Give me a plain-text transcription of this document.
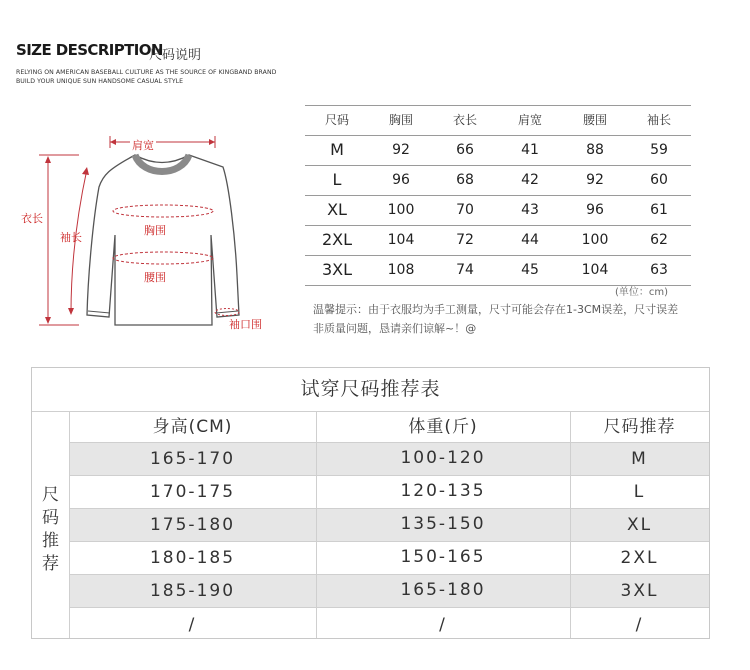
SIZE DESCRIPTION
尺码说明
RELYING ON AMERICAN BASEBALL CULTURE AS THE SOURCE OF KINGBAND BRAND
BUILD YOUR UNIQUE SUN HANDSOME CASUAL STYLE
肩宽
衣长
袖长
胸围
腰围
袖口围
尺码	胸围	衣长	肩宽	腰围	袖长
M	92	66	41	88	59
L	96	68	42	92	60
XL	100	70	43	96	61
2XL	104	72	44	100	62
3XL	108	74	45	104	63
(单位：cm)
温馨提示：由于衣服均为手工测量，尺寸可能会存在1-3CM误差，尺寸误差
非质量问题，恳请亲们谅解~！@
尺
码
推
荐
身高(CM)	体重(斤)	尺码推荐
165-170	100-120	M
170-175	120-135	L
175-180	135-150	XL
180-185	150-165	2XL
185-190	165-180	3XL
/	/	/
试穿尺码推荐表
